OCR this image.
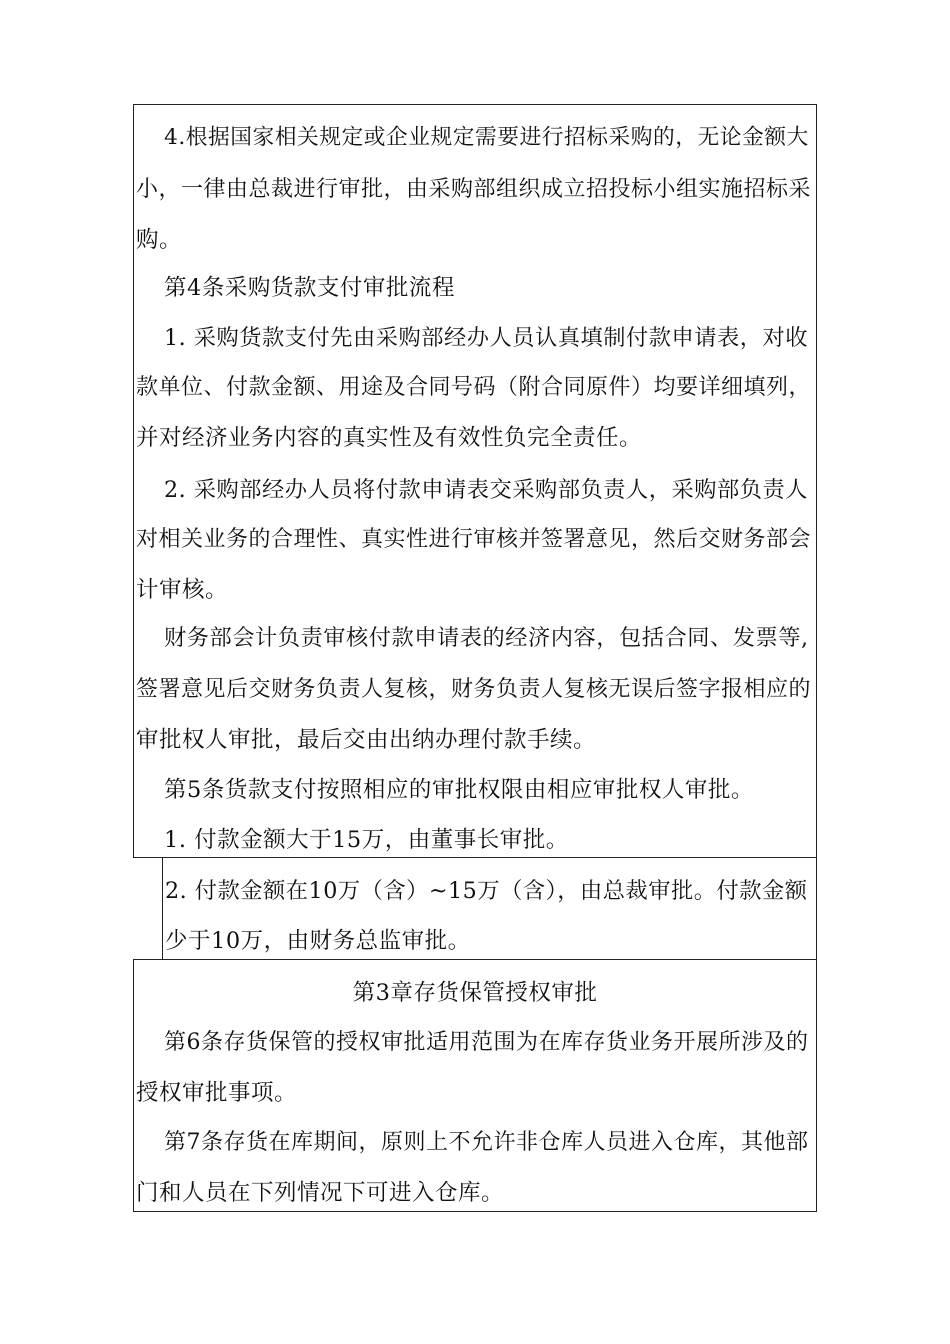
4.根据国家相关规定或企业规定需要进行招标采购的，无论金额大
小，一律由总裁进行审批，由采购部组织成立招投标小组实施招标采
购。
第4条采购货款支付审批流程
1. 采购货款支付先由采购部经办人员认真填制付款申请表，对收
款单位、付款金额、用途及合同号码（附合同原件）均要详细填列，
并对经济业务内容的真实性及有效性负完全责任。
2. 采购部经办人员将付款申请表交采购部负责人，采购部负责人
对相关业务的合理性、真实性进行审核并签署意见，然后交财务部会
计审核。
财务部会计负责审核付款申请表的经济内容，包括合同、发票等,
签署意见后交财务负责人复核，财务负责人复核无误后签字报相应的
审批权人审批，最后交由出纳办理付款手续。
第5条货款支付按照相应的审批权限由相应审批权人审批。
1. 付款金额大于15万，由董事长审批。
2. 付款金额在10万（含）~15万（含），由总裁审批。付款金额
少于10万，由财务总监审批。
第3章存货保管授权审批
第6条存货保管的授权审批适用范围为在库存货业务开展所涉及的
授权审批事项。
第7条存货在库期间，原则上不允许非仓库人员进入仓库，其他部
门和人员在下列情况下可进入仓库。
